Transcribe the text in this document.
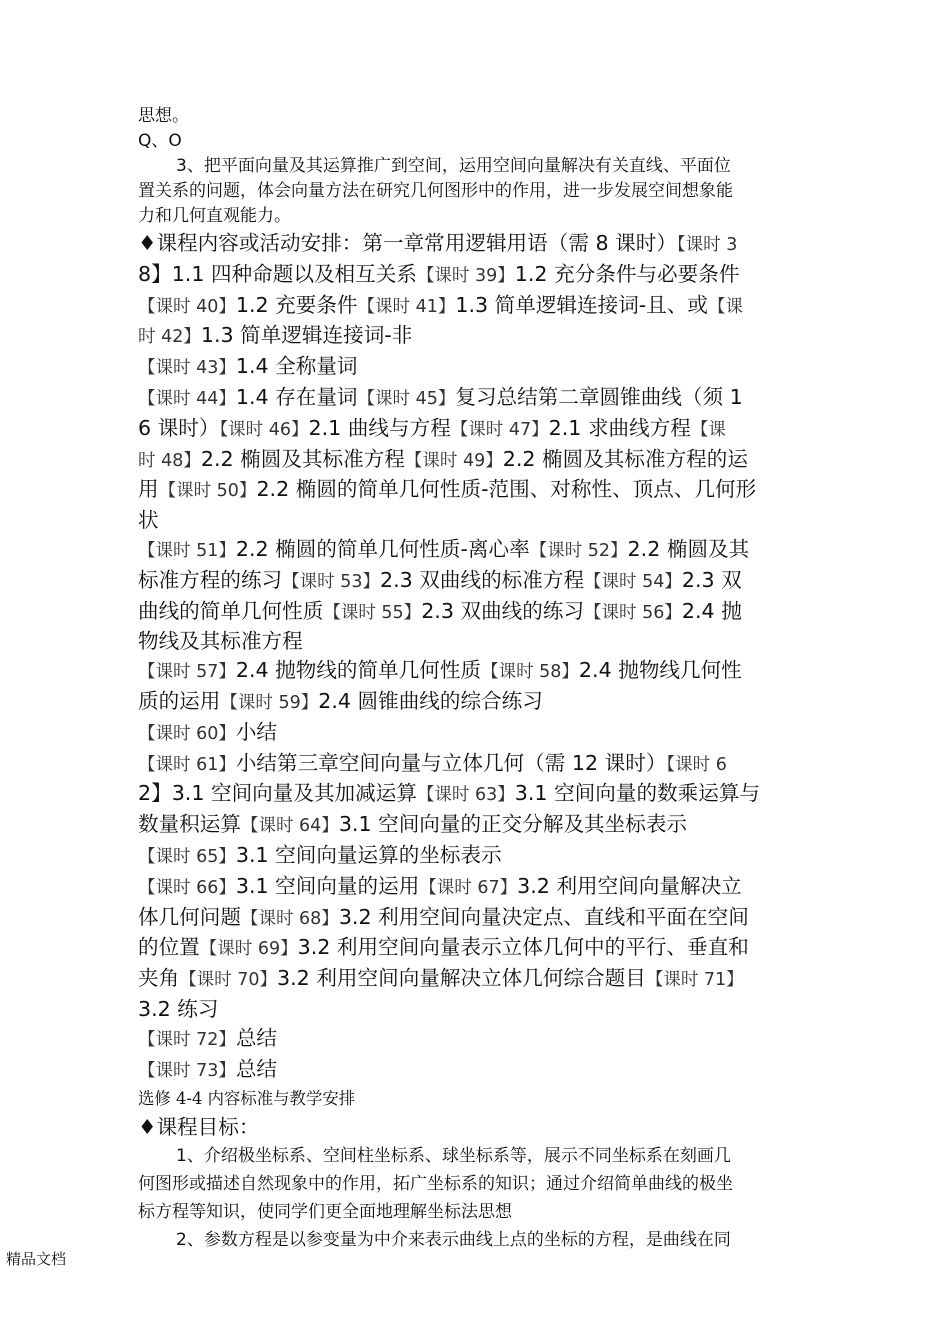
思想。
Q、O
3、把平面向量及其运算推广到空间，运用空间向量解决有关直线、平面位
置关系的问题，体会向量方法在研究几何图形中的作用，进一步发展空间想象能
力和几何直观能力。
♦课程内容或活动安排：第一章常用逻辑用语（需 8 课时）【课时 3
8】1.1 四种命题以及相互关系【课时 39】1.2 充分条件与必要条件
【课时 40】1.2 充要条件【课时 41】1.3 简单逻辑连接词-且、或【课
时 42】1.3 简单逻辑连接词-非
【课时 43】1.4 全称量词
【课时 44】1.4 存在量词【课时 45】复习总结第二章圆锥曲线（须 1
6 课时）【课时 46】2.1 曲线与方程【课时 47】2.1 求曲线方程【课
时 48】2.2 椭圆及其标准方程【课时 49】2.2 椭圆及其标准方程的运
用【课时 50】2.2 椭圆的简单几何性质-范围、对称性、顶点、几何形
状
【课时 51】2.2 椭圆的简单几何性质-离心率【课时 52】2.2 椭圆及其
标准方程的练习【课时 53】2.3 双曲线的标准方程【课时 54】2.3 双
曲线的简单几何性质【课时 55】2.3 双曲线的练习【课时 56】2.4 抛
物线及其标准方程
【课时 57】2.4 抛物线的简单几何性质【课时 58】2.4 抛物线几何性
质的运用【课时 59】2.4 圆锥曲线的综合练习
【课时 60】小结
【课时 61】小结第三章空间向量与立体几何（需 12 课时）【课时 6
2】3.1 空间向量及其加减运算【课时 63】3.1 空间向量的数乘运算与
数量积运算【课时 64】3.1 空间向量的正交分解及其坐标表示
【课时 65】3.1 空间向量运算的坐标表示
【课时 66】3.1 空间向量的运用【课时 67】3.2 利用空间向量解决立
体几何问题【课时 68】3.2 利用空间向量决定点、直线和平面在空间
的位置【课时 69】3.2 利用空间向量表示立体几何中的平行、垂直和
夹角【课时 70】3.2 利用空间向量解决立体几何综合题目【课时 71】
3.2 练习
【课时 72】总结
【课时 73】总结
选修 4-4 内容标准与教学安排
♦课程目标：
1、介绍极坐标系、空间柱坐标系、球坐标系等，展示不同坐标系在刻画几
何图形或描述自然现象中的作用，拓广坐标系的知识；通过介绍简单曲线的极坐
标方程等知识，使同学们更全面地理解坐标法思想
2、参数方程是以参变量为中介来表示曲线上点的坐标的方程，是曲线在同
精品文档
